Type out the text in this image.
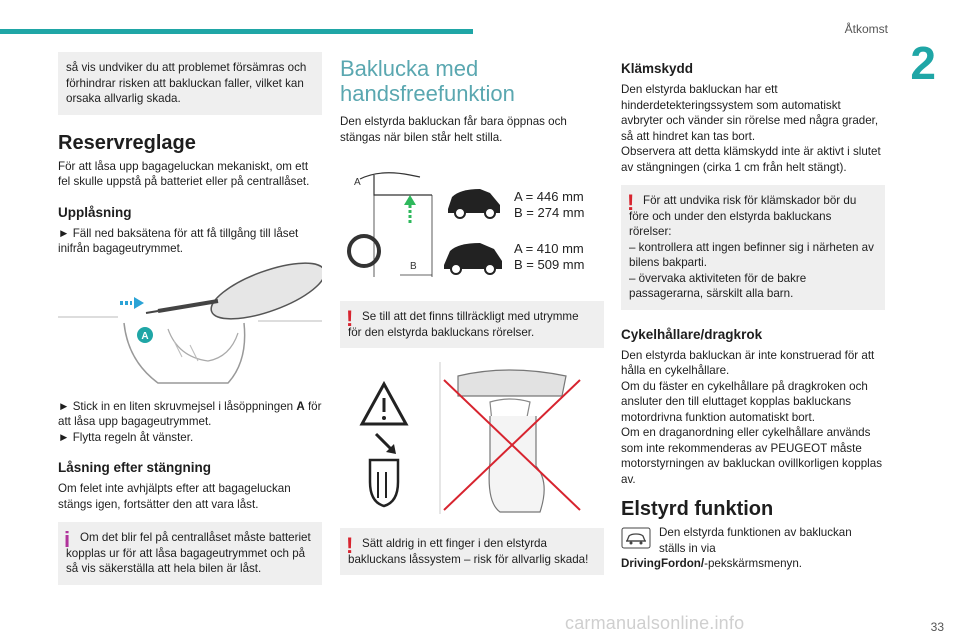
Åtkomst
2
så vis undviker du att problemet försämras och förhindrar risken att bakluckan faller, vilket kan orsaka allvarlig skada.
Reservreglage

För att låsa upp bagageluckan mekaniskt, om ett fel skulle uppstå på batteriet eller på centrallåset.

Upplåsning

► Fäll ned baksätena för att få tillgång till låset inifrån bagageutrymmet.

A

► Stick in en liten skruvmejsel i låsöppningen A för att låsa upp bagageutrymmet.

► Flytta regeln åt vänster.

Låsning efter stängning

Om felet inte avhjälpts efter att bagageluckan stängs igen, fortsätter den att vara låst.

i Om det blir fel på centrallåset måste batteriet kopplas ur för att låsa bagageutrymmet och på så vis säkerställa att hela bilen är låst.
Baklucka med
handsfreefunktion

Den elstyrda bakluckan får bara öppnas och stängas när bilen står helt stilla.

A
B
A = 446 mm
B = 274 mm
A = 410 mm
B = 509 mm
! Se till att det finns tillräckligt med utrymme för den elstyrda bakluckans rörelser.
! Sätt aldrig in ett finger i den elstyrda bakluckans låssystem – risk för allvarlig skada!
Klämskydd

Den elstyrda bakluckan har ett hinderdetekteringssystem som automatiskt avbryter och vänder sin rörelse med några grader, så att hindret kan tas bort.

Observera att detta klämskydd inte är aktivt i slutet av stängningen (cirka 1 cm från helt stängt).

! För att undvika risk för klämskador bör du före och under den elstyrda bakluckans rörelser:
– kontrollera att ingen befinner sig i närheten av bilens bakparti.
– övervaka aktiviteten för de bakre passagerarna, särskilt alla barn.
Cykelhållare/dragkrok

Den elstyrda bakluckan är inte konstruerad för att hålla en cykelhållare.

Om du fäster en cykelhållare på dragkroken och ansluter den till eluttaget kopplas bakluckans motordrivna funktion automatiskt bort.

Om en draganordning eller cykelhållare används som inte rekommenderas av PEUGEOT måste motorstyrningen av bakluckan ovillkorligen kopplas av.

Elstyrd funktion

Den elstyrda funktionen av bakluckan

ställs in via

DrivingFordon/-pekskärmsmenyn.

carmanualsonline.info	33
